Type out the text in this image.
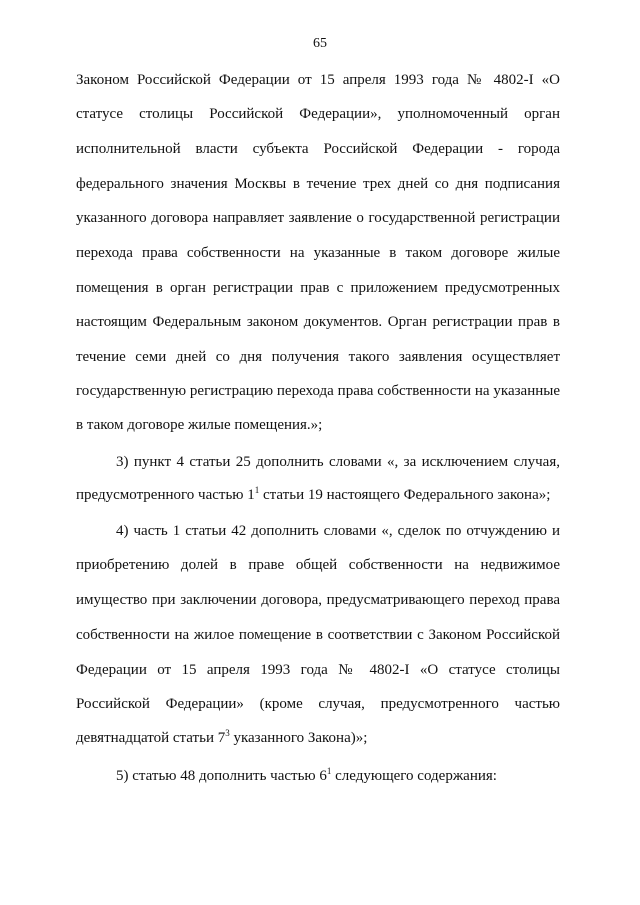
65
Законом Российской Федерации от 15 апреля 1993 года № 4802-I «О
статусе столицы Российской Федерации», уполномоченный орган
исполнительной власти субъекта Российской Федерации - города
федерального значения Москвы в течение трех дней со дня подписания
указанного договора направляет заявление о государственной регистрации
перехода права собственности на указанные в таком договоре жилые
помещения в орган регистрации прав с приложением предусмотренных
настоящим Федеральным законом документов. Орган регистрации прав в
течение семи дней со дня получения такого заявления осуществляет
государственную регистрацию перехода права собственности на указанные
в таком договоре жилые помещения.»;
3) пункт 4 статьи 25 дополнить словами «, за исключением случая,
предусмотренного частью $1^1$ статьи 19 настоящего Федерального закона»;
4) часть 1 статьи 42 дополнить словами «, сделок по отчуждению и
приобретению долей в праве общей собственности на недвижимое
имущество при заключении договора, предусматривающего переход права
собственности на жилое помещение в соответствии с Законом Российской
Федерации от 15 апреля 1993 года № 4802-I «О статусе столицы
Российской Федерации» (кроме случая, предусмотренного частью
девятнадцатой статьи $7^3$ указанного Закона)»;
5) статью 48 дополнить частью $6^1$ следующего содержания:
